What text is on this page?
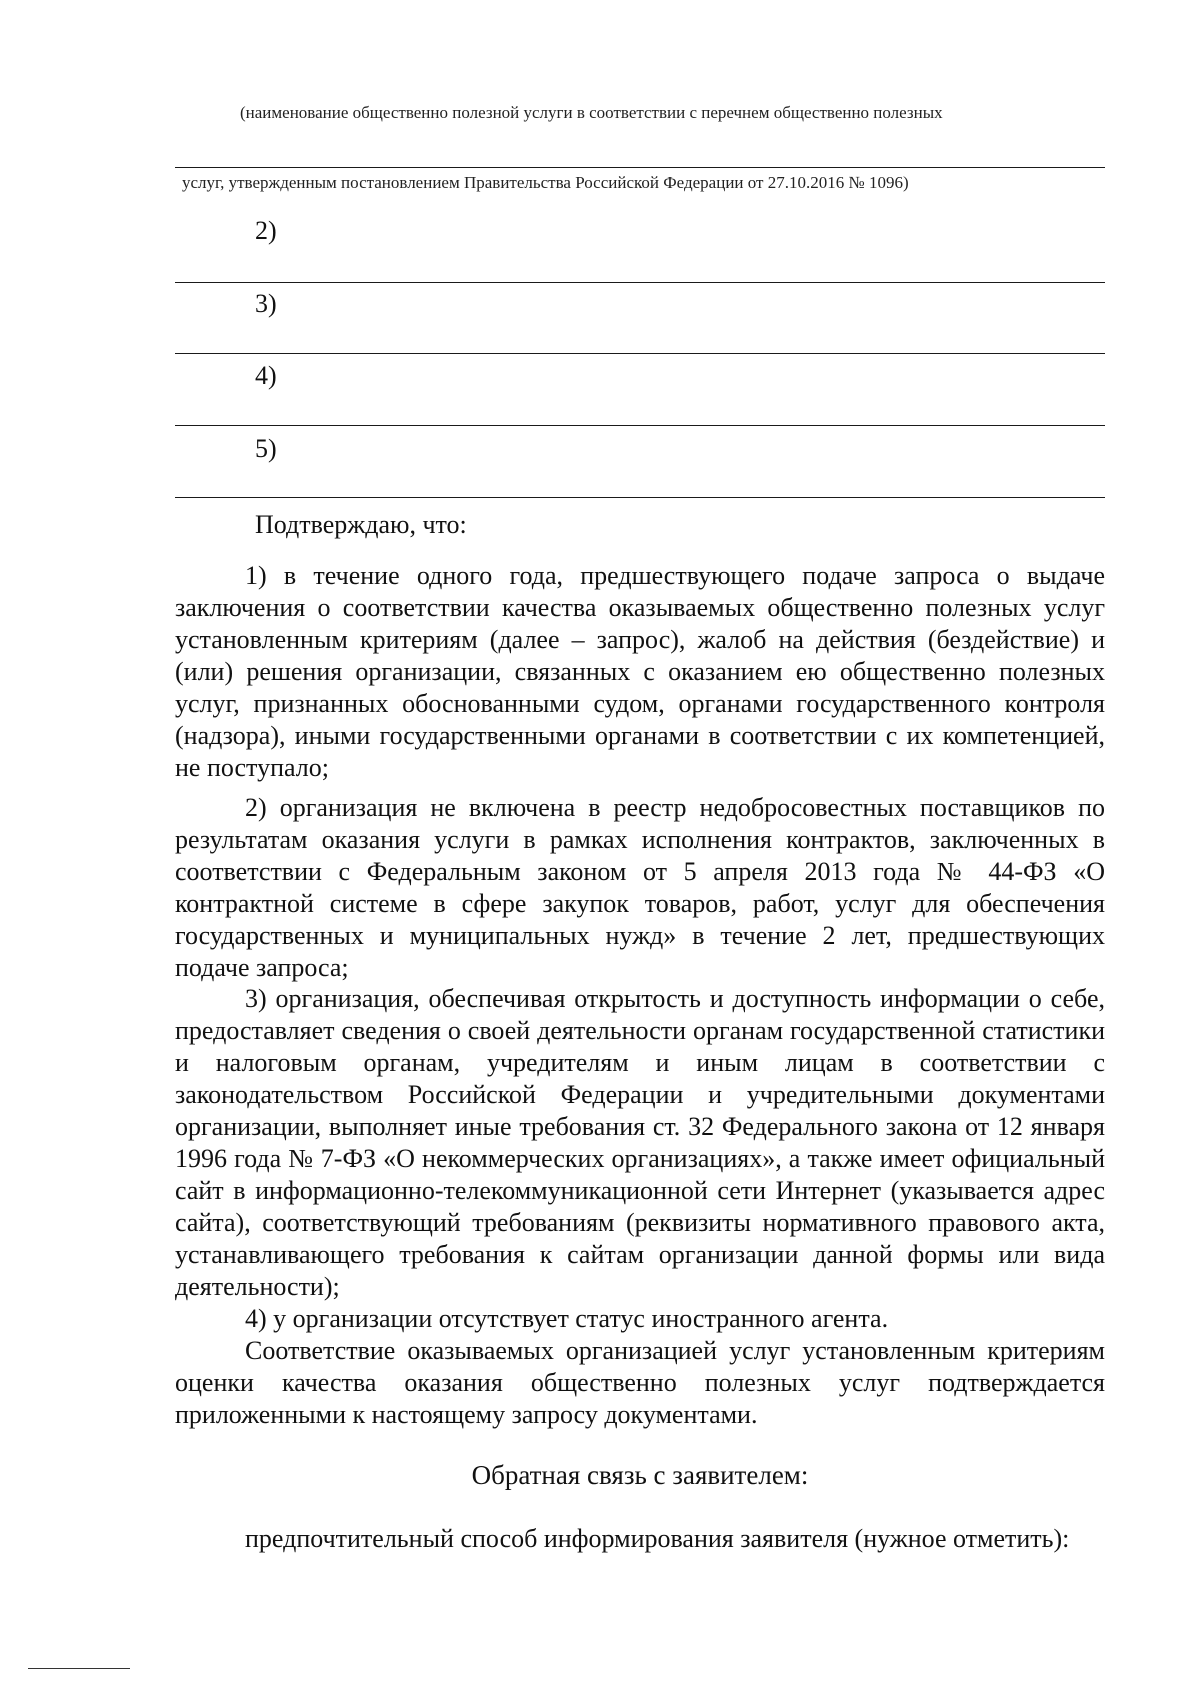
(наименование общественно полезной услуги в соответствии с перечнем общественно полезных
услуг, утвержденным постановлением Правительства Российской Федерации от 27.10.2016 № 1096)
2)
3)
4)
5)
Подтверждаю, что:
1) в течение одного года, предшествующего подаче запроса о выдаче заключения о соответствии качества оказываемых общественно полезных услуг установленным критериям (далее – запрос), жалоб на действия (бездействие) и (или) решения организации, связанных с оказанием ею общественно полезных услуг, признанных обоснованными судом, органами государственного контроля (надзора), иными государственными органами в соответствии с их компетенцией, не поступало;
2) организация не включена в реестр недобросовестных поставщиков по результатам оказания услуги в рамках исполнения контрактов, заключенных в соответствии с Федеральным законом от 5 апреля 2013 года № 44-ФЗ «О контрактной системе в сфере закупок товаров, работ, услуг для обеспечения государственных и муниципальных нужд» в течение 2 лет, предшествующих подаче запроса;
3) организация, обеспечивая открытость и доступность информации о себе, предоставляет сведения о своей деятельности органам государственной статистики и налоговым органам, учредителям и иным лицам в соответствии с законодательством Российской Федерации и учредительными документами организации, выполняет иные требования ст. 32 Федерального закона от 12 января 1996 года № 7-ФЗ «О некоммерческих организациях», а также имеет официальный сайт в информационно-телекоммуникационной сети Интернет (указывается адрес сайта), соответствующий требованиям (реквизиты нормативного правового акта, устанавливающего требования к сайтам организации данной формы или вида деятельности);
4) у организации отсутствует статус иностранного агента.
Соответствие оказываемых организацией услуг установленным критериям оценки качества оказания общественно полезных услуг подтверждается приложенными к настоящему запросу документами.
Обратная связь с заявителем:
предпочтительный способ информирования заявителя (нужное отметить):
